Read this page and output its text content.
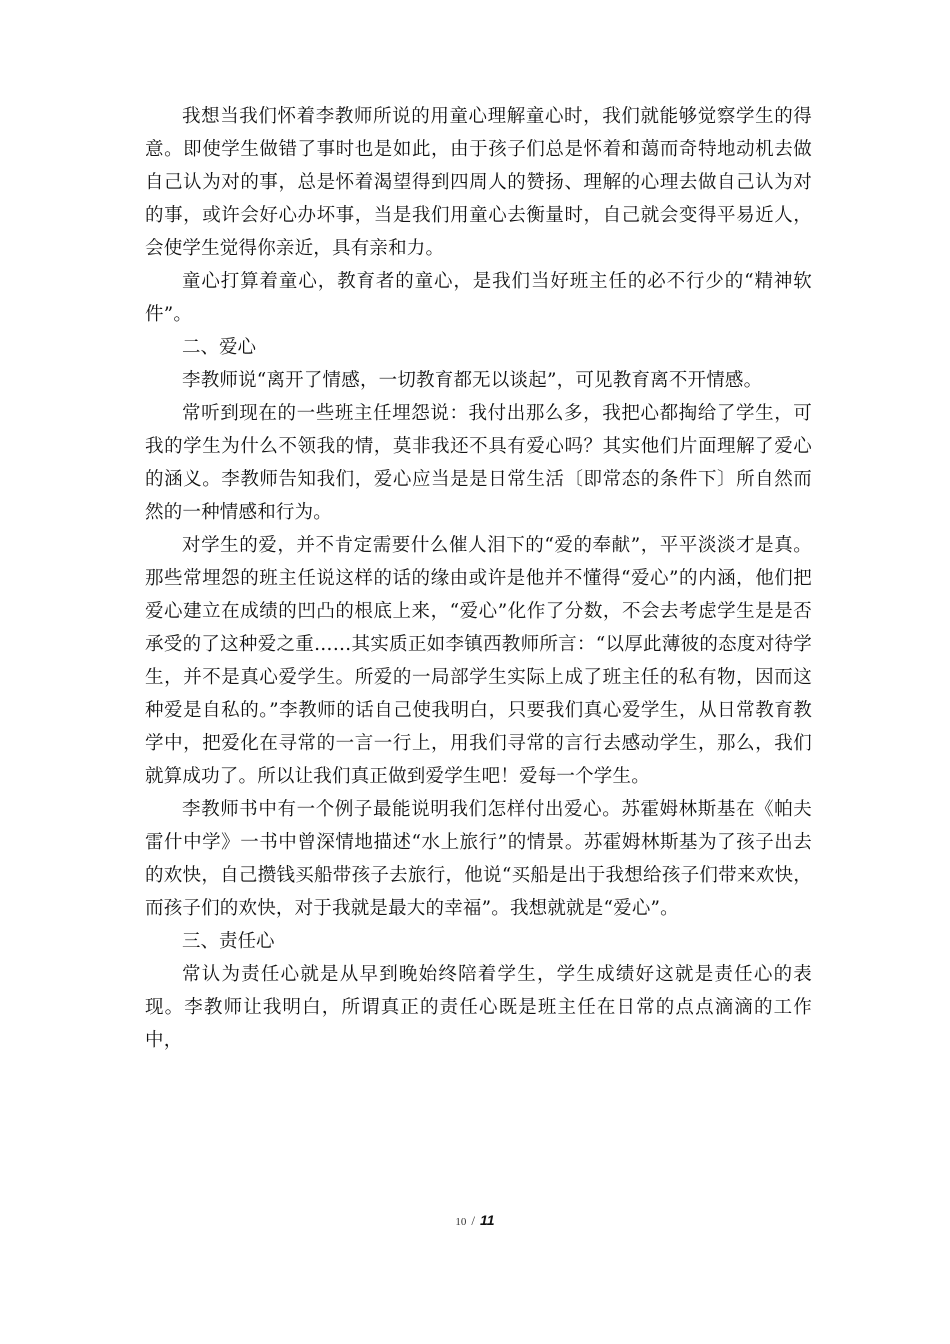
我想当我们怀着李教师所说的用童心理解童心时，我们就能够觉察学生的得意。即使学生做错了事时也是如此，由于孩子们总是怀着和蔼而奇特地动机去做自己认为对的事，总是怀着渴望得到四周人的赞扬、理解的心理去做自己认为对的事，或许会好心办坏事，当是我们用童心去衡量时，自己就会变得平易近人， 会使学生觉得你亲近，具有亲和力。

童心打算着童心，教育者的童心，是我们当好班主任的必不行少的“精神软件”。

二、爱心

李教师说“离开了情感，一切教育都无以谈起”，可见教育离不开情感。

常听到现在的一些班主任埋怨说：我付出那么多，我把心都掏给了学生，可我的学生为什么不领我的情，莫非我还不具有爱心吗？其实他们片面理解了爱心的涵义。李教师告知我们，爱心应当是是日常生活〔即常态的条件下〕所自然而然的一种情感和行为。

对学生的爱，并不肯定需要什么催人泪下的“爱的奉献”，平平淡淡才是真。那些常埋怨的班主任说这样的话的缘由或许是他并不懂得“爱心”的内涵，他们把爱心建立在成绩的凹凸的根底上来，“爱心”化作了分数，不会去考虑学生是是否承受的了这种爱之重……其实质正如李镇西教师所言：“以厚此薄彼的态度对待学生，并不是真心爱学生。所爱的一局部学生实际上成了班主任的私有物，因而这种爱是自私的。”李教师的话自己使我明白，只要我们真心爱学生，从日常教育教学中，把爱化在寻常的一言一行上，用我们寻常的言行去感动学生，那么，我们就算成功了。所以让我们真正做到爱学生吧！爱每一个学生。

李教师书中有一个例子最能说明我们怎样付出爱心。苏霍姆林斯基在《帕夫雷什中学》一书中曾深情地描述“水上旅行”的情景。苏霍姆林斯基为了孩子出去的欢快，自己攒钱买船带孩子去旅行，他说“买船是出于我想给孩子们带来欢快，而孩子们的欢快，对于我就是最大的幸福”。我想就就是“爱心”。

三、责任心

常认为责任心就是从早到晚始终陪着学生，学生成绩好这就是责任心的表现。李教师让我明白，所谓真正的责任心既是班主任在日常的点点滴滴的工作中，

10 / 11
